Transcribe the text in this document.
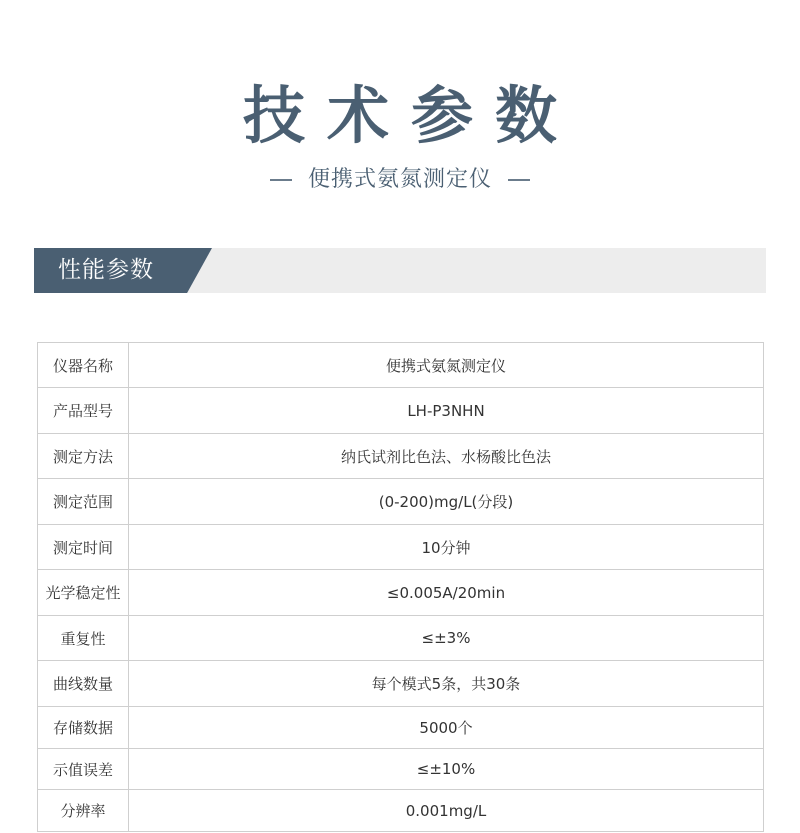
技术参数
便携式氨氮测定仪
性能参数
仪器名称	便携式氨氮测定仪
产品型号	LH-P3NHN
测定方法	纳氏试剂比色法、水杨酸比色法
测定范围	(0-200)mg/L(分段)
测定时间	10分钟
光学稳定性	≤0.005A/20min
重复性	≤±3%
曲线数量	每个模式5条，共30条
存储数据	5000个
示值误差	≤±10%
分辨率	0.001mg/L
